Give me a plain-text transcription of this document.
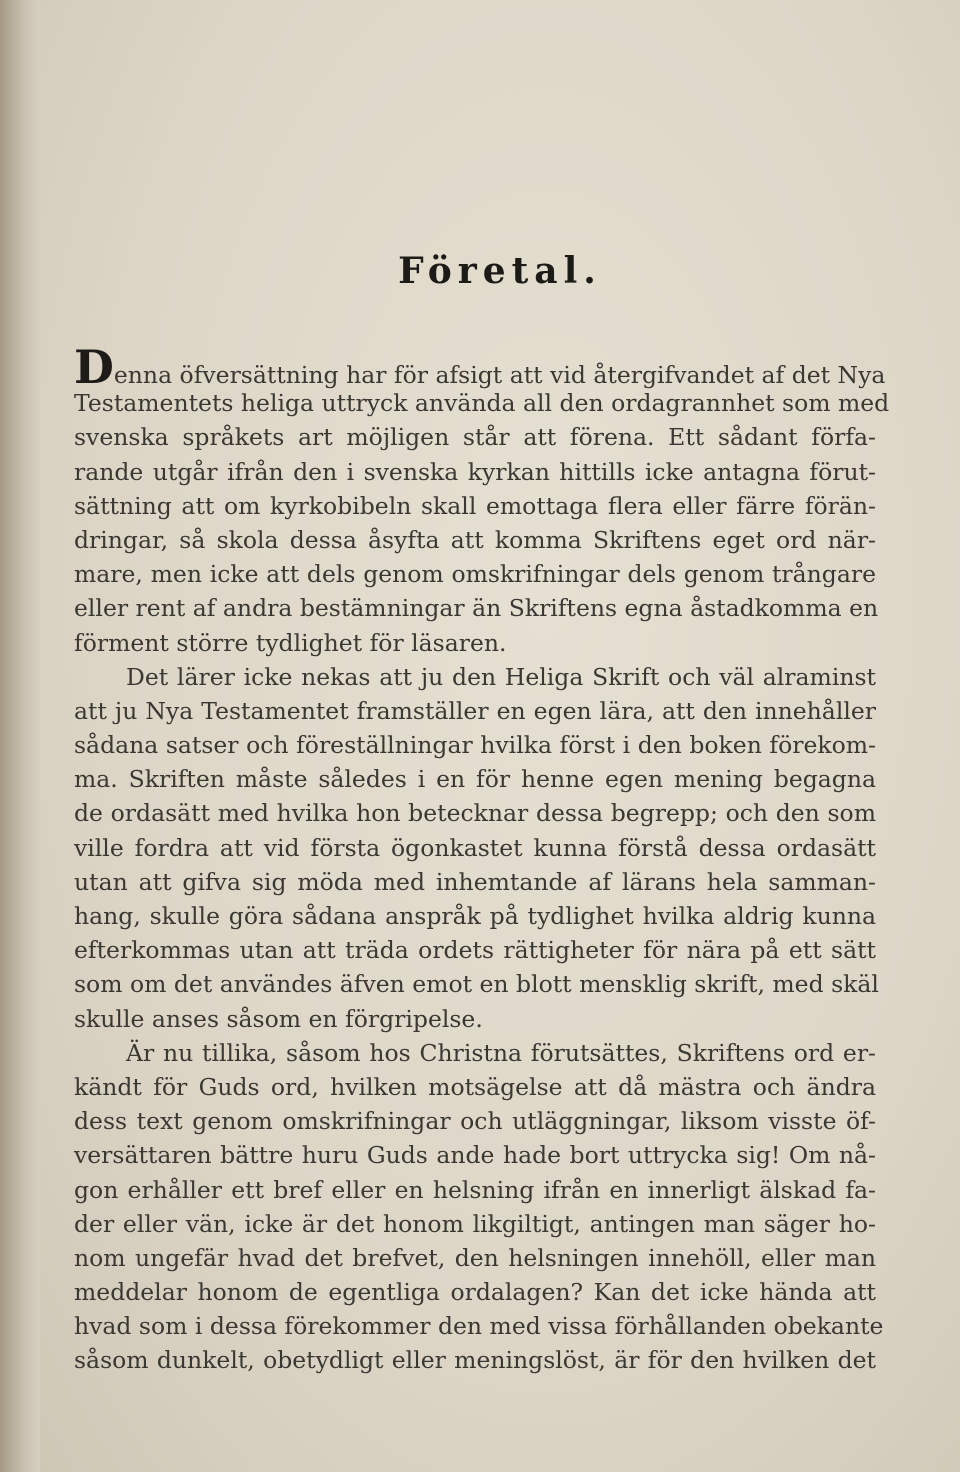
Företal.
Denna öfversättning har för afsigt att vid återgifvandet af det Nya
Testamentets heliga uttryck använda all den ordagrannhet som med
svenska språkets art möjligen står att förena. Ett sådant förfa-
rande utgår ifrån den i svenska kyrkan hittills icke antagna förut-
sättning att om kyrkobibeln skall emottaga flera eller färre förän-
dringar, så skola dessa åsyfta att komma Skriftens eget ord när-
mare, men icke att dels genom omskrifningar dels genom trångare
eller rent af andra bestämningar än Skriftens egna åstadkomma en
förment större tydlighet för läsaren.
Det lärer icke nekas att ju den Heliga Skrift och väl alraminst
att ju Nya Testamentet framställer en egen lära, att den innehåller
sådana satser och föreställningar hvilka först i den boken förekom-
ma. Skriften måste således i en för henne egen mening begagna
de ordasätt med hvilka hon betecknar dessa begrepp; och den som
ville fordra att vid första ögonkastet kunna förstå dessa ordasätt
utan att gifva sig möda med inhemtande af lärans hela samman-
hang, skulle göra sådana anspråk på tydlighet hvilka aldrig kunna
efterkommas utan att träda ordets rättigheter för nära på ett sätt
som om det användes äfven emot en blott mensklig skrift, med skäl
skulle anses såsom en förgripelse.
Är nu tillika, såsom hos Christna förutsättes, Skriftens ord er-
kändt för Guds ord, hvilken motsägelse att då mästra och ändra
dess text genom omskrifningar och utläggningar, liksom visste öf-
versättaren bättre huru Guds ande hade bort uttrycka sig! Om nå-
gon erhåller ett bref eller en helsning ifrån en innerligt älskad fa-
der eller vän, icke är det honom likgiltigt, antingen man säger ho-
nom ungefär hvad det brefvet, den helsningen innehöll, eller man
meddelar honom de egentliga ordalagen? Kan det icke hända att
hvad som i dessa förekommer den med vissa förhållanden obekante
såsom dunkelt, obetydligt eller meningslöst, är för den hvilken det
